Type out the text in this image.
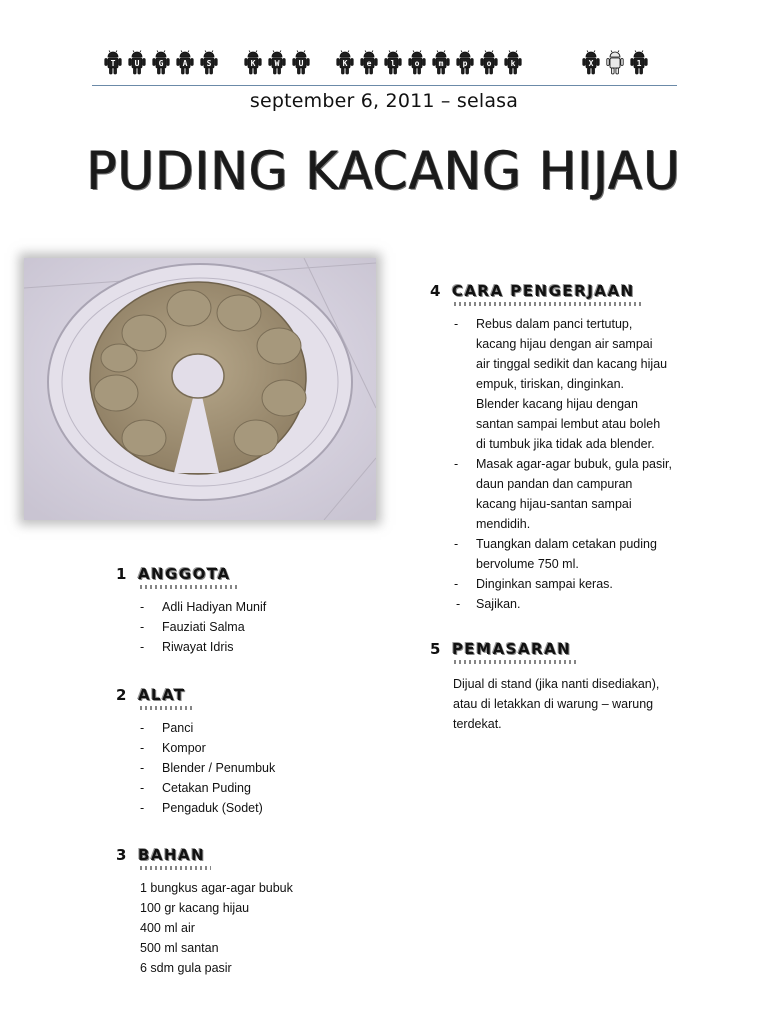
T	U	G	A	S	K	W	U	K	e	l	o	m	p	o	k	X	1
september 6, 2011 – selasa
PUDING KACANG HIJAU
1 ANGGOTA
- Adli Hadiyan Munif
- Fauziati Salma
- Riwayat Idris
2 ALAT
- Panci
- Kompor
- Blender / Penumbuk
- Cetakan Puding
- Pengaduk (Sodet)
3 BAHAN
1 bungkus agar-agar bubuk
100 gr kacang hijau
400 ml air
500 ml santan
6 sdm gula pasir
4 CARA PENGERJAAN
- Rebus dalam panci tertutup,
kacang hijau dengan air sampai
air tinggal sedikit dan kacang hijau
empuk, tiriskan, dinginkan.
Blender kacang hijau dengan
santan sampai lembut atau boleh
di tumbuk jika tidak ada blender.
- Masak agar-agar bubuk, gula pasir,
daun pandan dan campuran
kacang hijau-santan sampai
mendidih.
- Tuangkan dalam cetakan puding
bervolume 750 ml.
- Dinginkan sampai keras.
- Sajikan.
5 PEMASARAN
Dijual di stand (jika nanti disediakan),
atau di letakkan di warung – warung
terdekat.
